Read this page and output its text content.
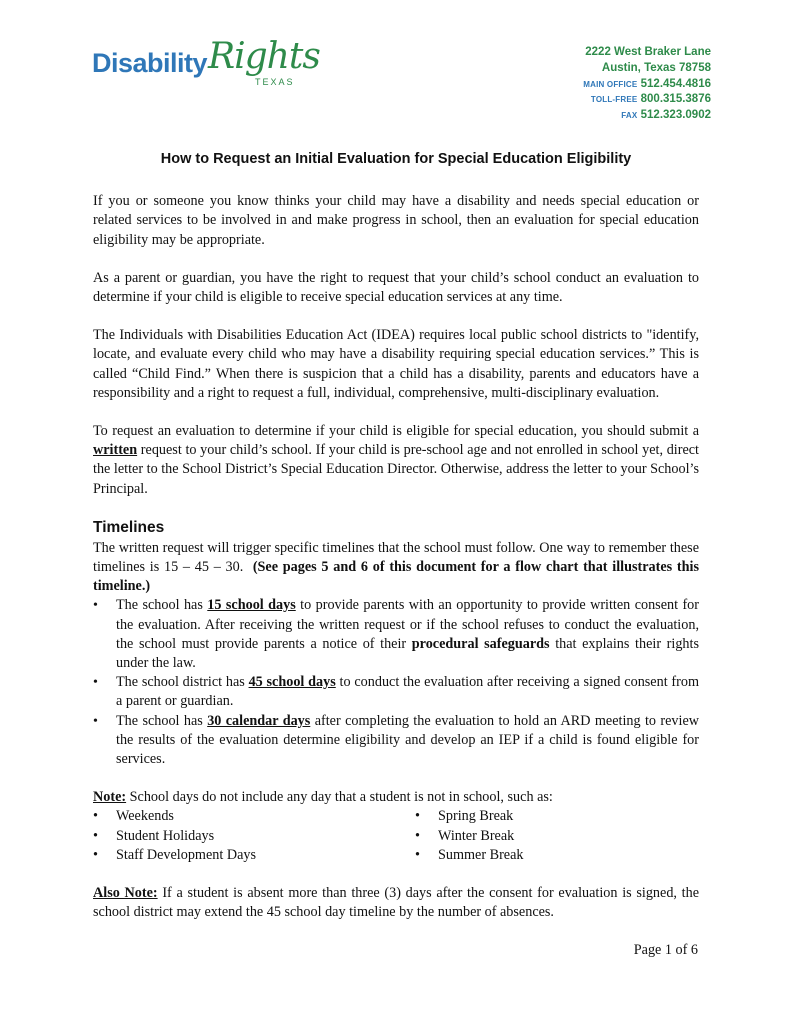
Disability Rights
TEXAS
2222 West Braker Lane
Austin, Texas 78758
MAIN OFFICE 512.454.4816
TOLL-FREE 800.315.3876
FAX 512.323.0902
How to Request an Initial Evaluation for Special Education Eligibility

If you or someone you know thinks your child may have a disability and needs special education or related services to be involved in and make progress in school, then an evaluation for special education eligibility may be appropriate.

As a parent or guardian, you have the right to request that your child’s school conduct an evaluation to determine if your child is eligible to receive special education services at any time.

The Individuals with Disabilities Education Act (IDEA) requires local public school districts to "identify, locate, and evaluate every child who may have a disability requiring special education services.” This is called “Child Find.” When there is suspicion that a child has a disability, parents and educators have a responsibility and a right to request a full, individual, comprehensive, multi-disciplinary evaluation.

To request an evaluation to determine if your child is eligible for special education, you should submit a written request to your child’s school. If your child is pre-school age and not enrolled in school yet, direct the letter to the School District’s Special Education Director. Otherwise, address the letter to your School’s Principal.

Timelines

The written request will trigger specific timelines that the school must follow. One way to remember these timelines is 15 – 45 – 30. (See pages 5 and 6 of this document for a flow chart that illustrates this timeline.)

• The school has 15 school days to provide parents with an opportunity to provide written consent for the evaluation. After receiving the written request or if the school refuses to conduct the evaluation, the school must provide parents a notice of their procedural safeguards that explains their rights under the law.
• The school district has 45 school days to conduct the evaluation after receiving a signed consent from a parent or guardian.
• The school has 30 calendar days after completing the evaluation to hold an ARD meeting to review the results of the evaluation determine eligibility and develop an IEP if a child is found eligible for services.

Note: School days do not include any day that a student is not in school, such as:

• Weekends
• Student Holidays
• Staff Development Days
• Spring Break
• Winter Break
• Summer Break

Also Note: If a student is absent more than three (3) days after the consent for evaluation is signed, the school district may extend the 45 school day timeline by the number of absences.

Page 1 of 6
